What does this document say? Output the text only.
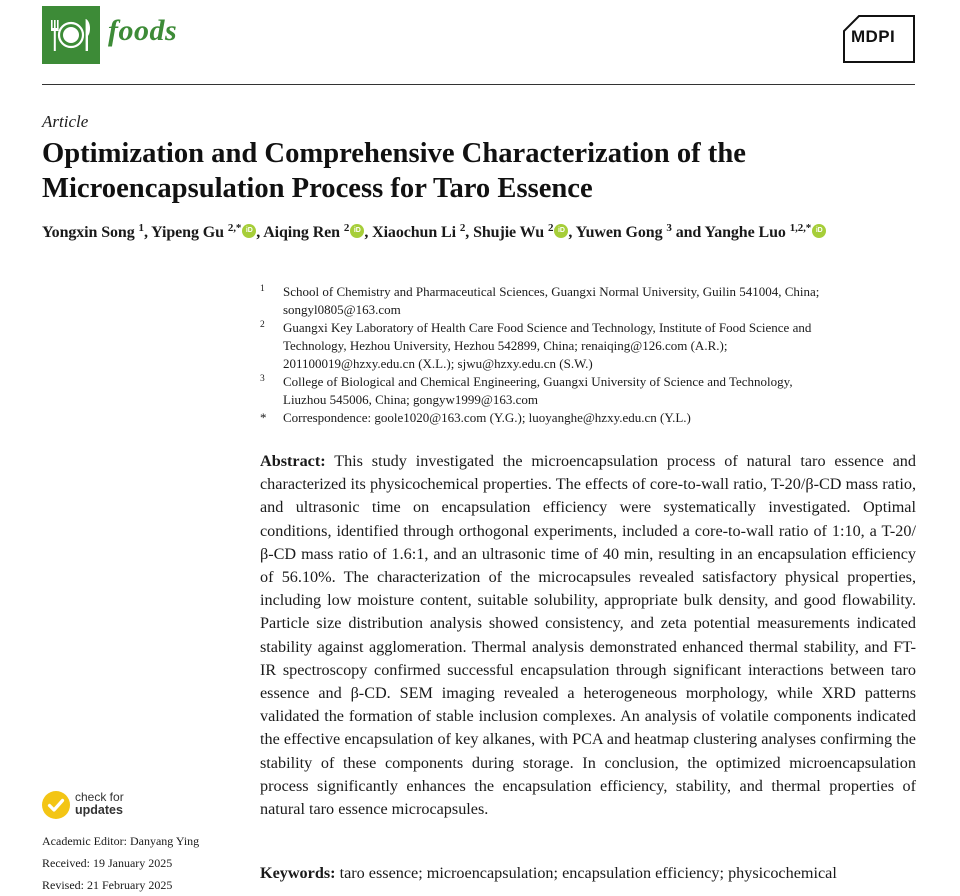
foods	MDPI
Article
Optimization and Comprehensive Characterization of the Microencapsulation Process for Taro Essence
Yongxin Song $^1$, Yipeng Gu $^{2,*}$ iD , Aiqing Ren $^2$ iD , Xiaochun Li $^2$, Shujie Wu $^2$ iD , Yuwen Gong $^3$ and Yanghe Luo $^{1,2,*}$ iD
1 School of Chemistry and Pharmaceutical Sciences, Guangxi Normal University, Guilin 541004, China;
songyl0805@163.com
2 Guangxi Key Laboratory of Health Care Food Science and Technology, Institute of Food Science and
Technology, Hezhou University, Hezhou 542899, China; renaiqing@126.com (A.R.);
201100019@hzxy.edu.cn (X.L.); sjwu@hzxy.edu.cn (S.W.)
3 College of Biological and Chemical Engineering, Guangxi University of Science and Technology,
Liuzhou 545006, China; gongyw1999@163.com
* Correspondence: goole1020@163.com (Y.G.); luoyanghe@hzxy.edu.cn (Y.L.)

Abstract: This study investigated the microencapsulation process of natural taro essence and characterized its physicochemical properties. The effects of core-to-wall ratio, T-20/β-CD mass ratio, and ultrasonic time on encapsulation efficiency were systematically investigated. Optimal conditions, identified through orthogonal experiments, included a core-to-wall ratio of 1:10, a T-20/β-CD mass ratio of 1.6:1, and an ultrasonic time of 40 min, resulting in an encapsulation efficiency of 56.10%. The characterization of the microcapsules revealed satisfactory physical properties, including low moisture content, suitable solubility, appropriate bulk density, and good flowability. Particle size distribution analysis showed consistency, and zeta potential measurements indicated stability against agglomeration. Thermal analysis demonstrated enhanced thermal stability, and FT-IR spectroscopy confirmed successful encapsulation through significant interactions between taro essence and β-CD. SEM imaging revealed a heterogeneous morphology, while XRD patterns validated the formation of stable inclusion complexes. An analysis of volatile components indicated the effective encapsulation of key alkanes, with PCA and heatmap clustering analyses confirming the stability of these components during storage. In conclusion, the optimized microencapsulation process significantly enhances the encapsulation efficiency, stability, and thermal properties of natural taro essence microcapsules.

Keywords: taro essence; microencapsulation; encapsulation efficiency; physicochemical
check for
updates
Academic Editor: Danyang Ying
Received: 19 January 2025
Revised: 21 February 2025
